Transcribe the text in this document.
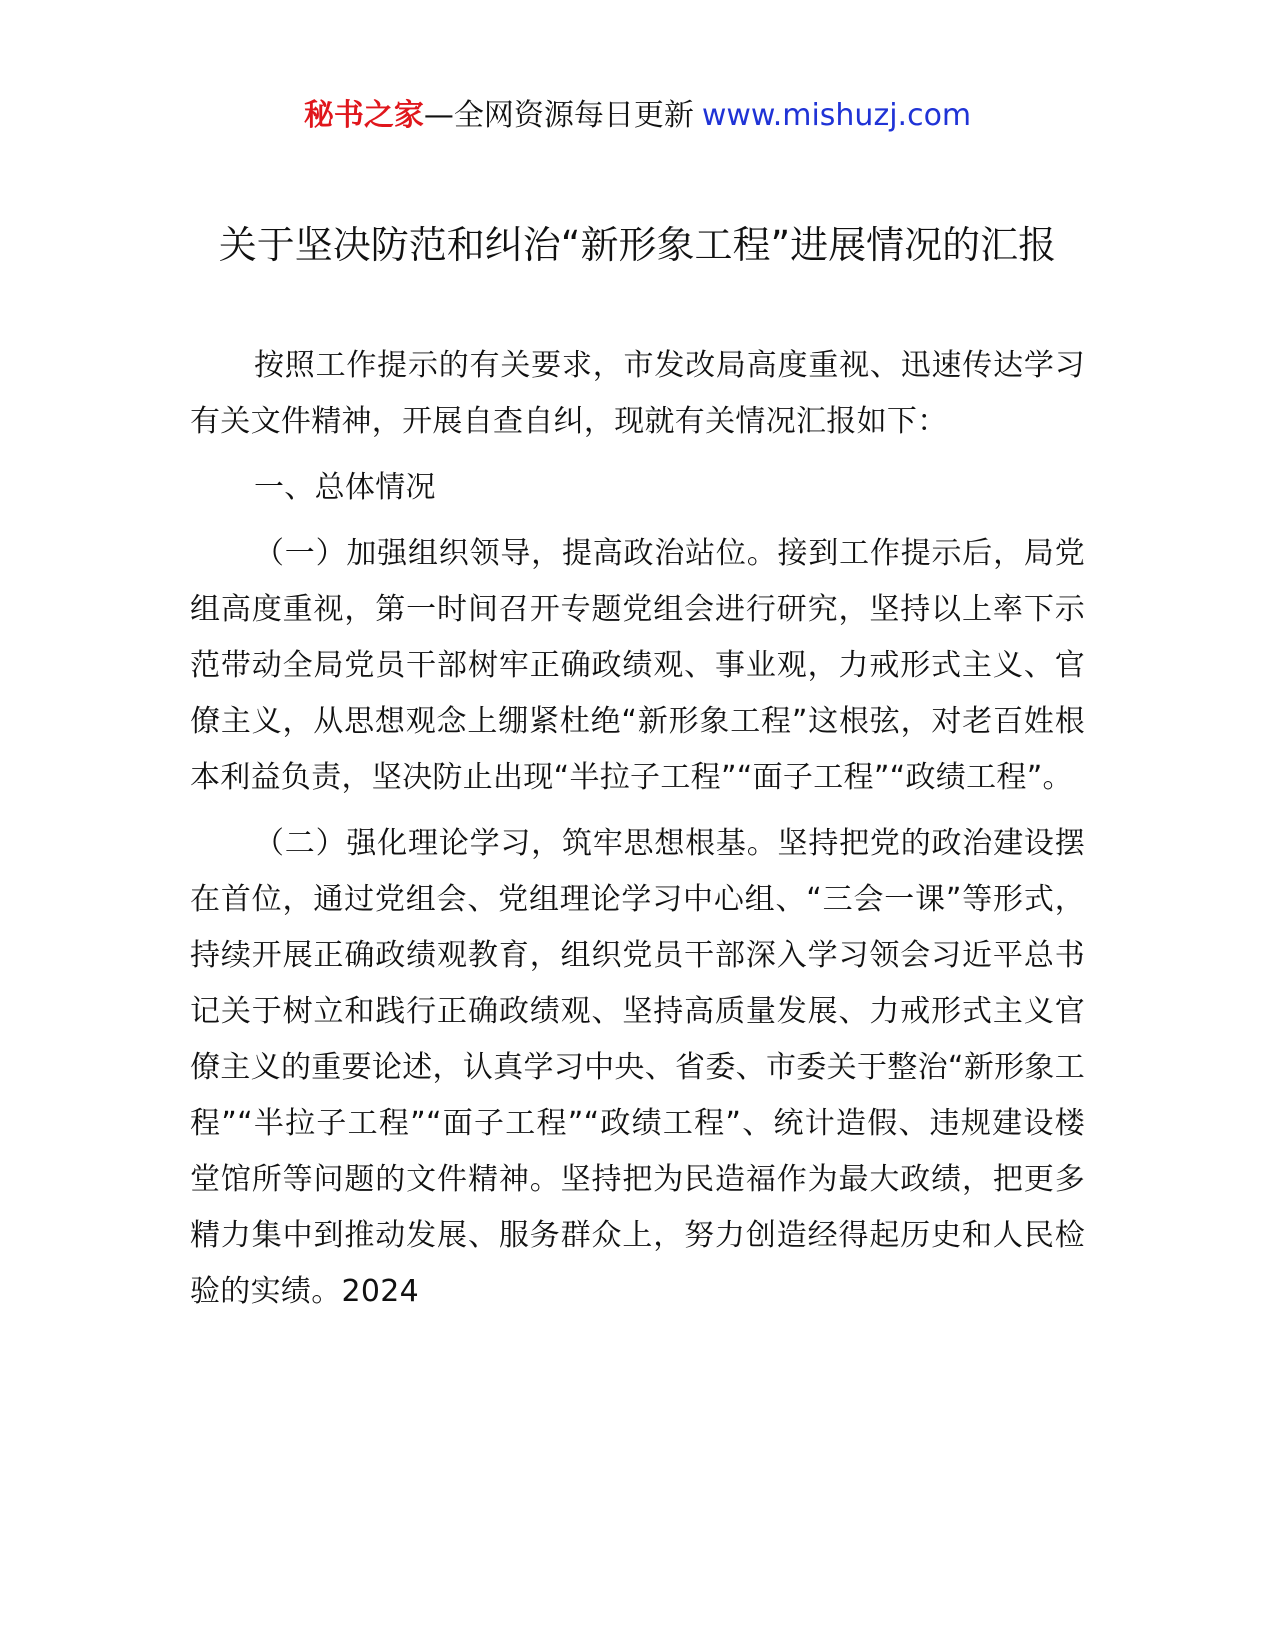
秘书之家—全网资源每日更新 www.mishuzj.com
关于坚决防范和纠治“新形象工程”进展情况的汇报

按照工作提示的有关要求，市发改局高度重视、迅速传达学习有关文件精神，开展自查自纠，现就有关情况汇报如下：

一、总体情况

（一）加强组织领导，提高政治站位。接到工作提示后，局党组高度重视，第一时间召开专题党组会进行研究，坚持以上率下示范带动全局党员干部树牢正确政绩观、事业观，力戒形式主义、官僚主义，从思想观念上绷紧杜绝“新形象工程”这根弦，对老百姓根本利益负责，坚决防止出现“半拉子工程”“面子工程”“政绩工程”。

（二）强化理论学习，筑牢思想根基。坚持把党的政治建设摆在首位，通过党组会、党组理论学习中心组、“三会一课”等形式，持续开展正确政绩观教育，组织党员干部深入学习领会习近平总书记关于树立和践行正确政绩观、坚持高质量发展、力戒形式主义官僚主义的重要论述，认真学习中央、省委、市委关于整治“新形象工程”“半拉子工程”“面子工程”“政绩工程”、统计造假、违规建设楼堂馆所等问题的文件精神。坚持把为民造福作为最大政绩，把更多精力集中到推动发展、服务群众上，努力创造经得起历史和人民检验的实绩。2024
